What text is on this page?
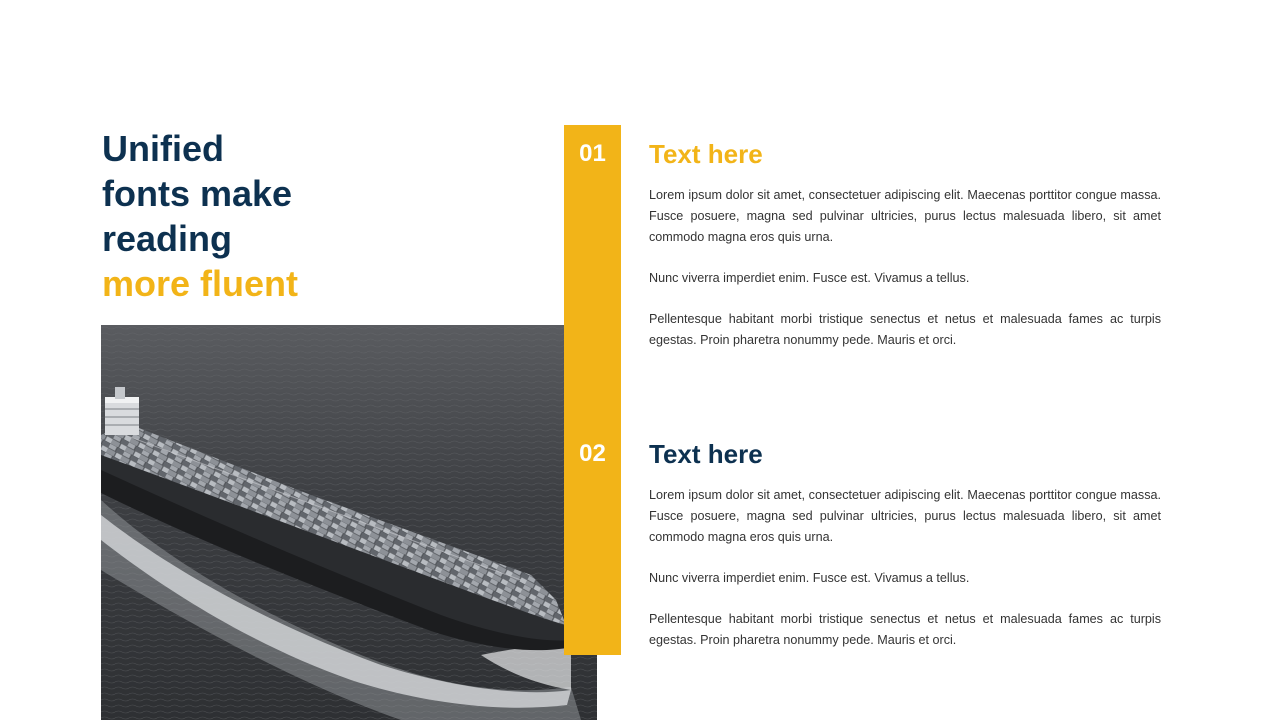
Unified
fonts make
reading
more fluent
01
02
Text here

Lorem ipsum dolor sit amet, consectetuer adipiscing elit. Maecenas porttitor congue massa. Fusce posuere, magna sed pulvinar ultricies, purus lectus malesuada libero, sit amet commodo magna eros quis urna.

Nunc viverra imperdiet enim. Fusce est. Vivamus a tellus.

Pellentesque habitant morbi tristique senectus et netus et malesuada fames ac turpis egestas. Proin pharetra nonummy pede. Mauris et orci.

Text here

Lorem ipsum dolor sit amet, consectetuer adipiscing elit. Maecenas porttitor congue massa. Fusce posuere, magna sed pulvinar ultricies, purus lectus malesuada libero, sit amet commodo magna eros quis urna.

Nunc viverra imperdiet enim. Fusce est. Vivamus a tellus.

Pellentesque habitant morbi tristique senectus et netus et malesuada fames ac turpis egestas. Proin pharetra nonummy pede. Mauris et orci.
